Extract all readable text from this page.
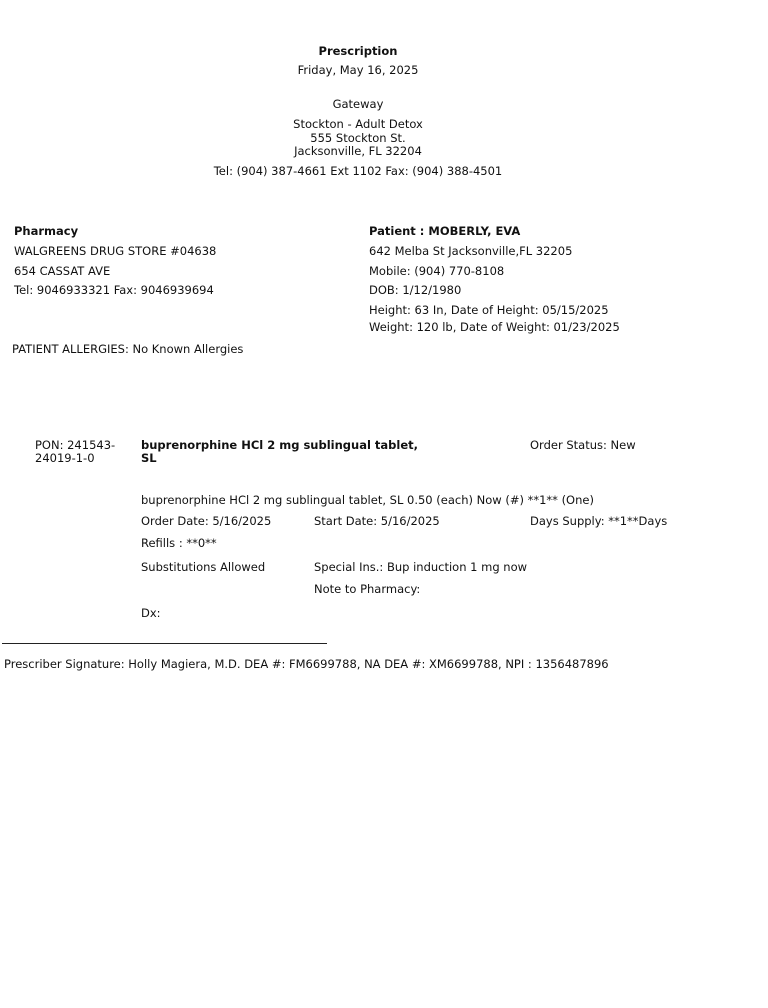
Prescription
Friday, May 16, 2025
Gateway
Stockton - Adult Detox
555 Stockton St.
Jacksonville, FL 32204
Tel: (904) 387-4661 Ext 1102 Fax: (904) 388-4501
Pharmacy
WALGREENS DRUG STORE #04638
654 CASSAT AVE
Tel: 9046933321 Fax: 9046939694
Patient : MOBERLY, EVA
642 Melba St Jacksonville,FL 32205
Mobile: (904) 770-8108
DOB: 1/12/1980
Height: 63 In, Date of Height: 05/15/2025
Weight: 120 lb, Date of Weight: 01/23/2025
PATIENT ALLERGIES: No Known Allergies
PON: 241543-
24019-1-0
buprenorphine HCl 2 mg sublingual tablet,
SL
Order Status: New
buprenorphine HCl 2 mg sublingual tablet, SL 0.50 (each) Now (#) **1** (One)
Order Date: 5/16/2025	Start Date: 5/16/2025	Days Supply: **1**Days
Refills : **0**
Substitutions Allowed	Special Ins.: Bup induction 1 mg now
Note to Pharmacy:
Dx:
Prescriber Signature: Holly Magiera, M.D. DEA #: FM6699788, NA DEA #: XM6699788, NPI : 1356487896
